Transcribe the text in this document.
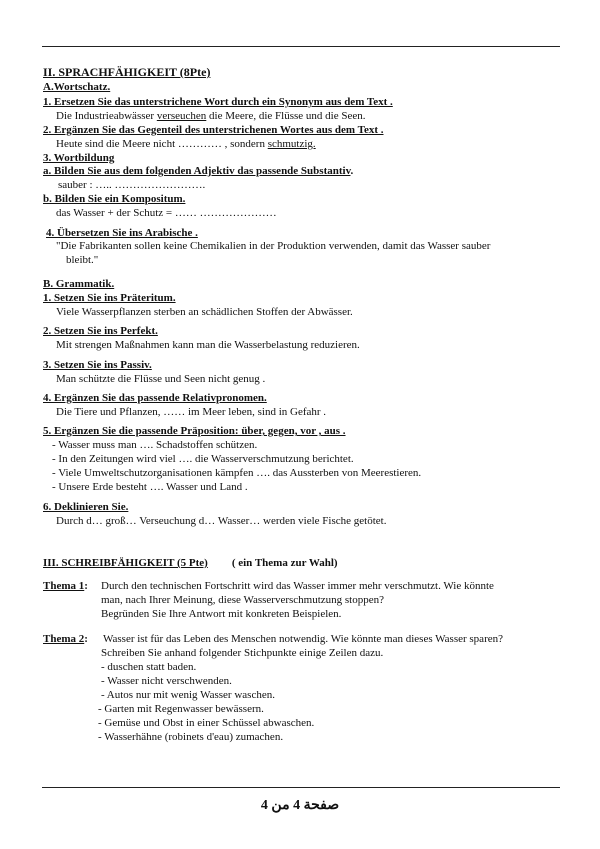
II. SPRACHFÄHIGKEIT (8Pte)
A.Wortschatz.
1. Ersetzen Sie das unterstrichene Wort durch ein Synonym aus dem Text .
Die Industrieabwässer verseuchen die Meere, die Flüsse und die Seen.
2. Ergänzen Sie das Gegenteil des unterstrichenen Wortes aus dem Text .
Heute sind die Meere nicht ………… , sondern schmutzig.
3. Wortbildung
a. Bilden Sie aus dem folgenden Adjektiv das passende Substantiv.
sauber : ….. …………………….
b. Bilden Sie ein Kompositum.
das Wasser + der Schutz = …… …………………
4. Übersetzen Sie ins Arabische .
"Die Fabrikanten sollen keine Chemikalien in der Produktion verwenden, damit das Wasser sauber
bleibt."
B. Grammatik.
1. Setzen Sie ins Präteritum.
Viele Wasserpflanzen sterben an schädlichen Stoffen der Abwässer.
2. Setzen Sie ins Perfekt.
Mit strengen Maßnahmen kann man die Wasserbelastung reduzieren.
3. Setzen Sie ins Passiv.
Man schützte die Flüsse und Seen nicht genug .
4. Ergänzen Sie das passende Relativpronomen.
Die Tiere und Pflanzen, …… im Meer leben, sind in Gefahr .
5. Ergänzen Sie die passende Präposition: über, gegen, vor , aus .
- Wasser muss man …. Schadstoffen schützen.
- In den Zeitungen wird viel …. die Wasserverschmutzung berichtet.
- Viele Umweltschutzorganisationen kämpfen …. das Aussterben von Meerestieren.
- Unsere Erde besteht …. Wasser und Land .
6. Deklinieren Sie.
Durch d… groß… Verseuchung d… Wasser… werden viele Fische getötet.
III. SCHREIBFÄHIGKEIT (5 Pte) ( ein Thema zur Wahl)
Thema 1: Durch den technischen Fortschritt wird das Wasser immer mehr verschmutzt. Wie könnte
man, nach Ihrer Meinung, diese Wasserverschmutzung stoppen?
Begründen Sie Ihre Antwort mit konkreten Beispielen.
Thema 2: Wasser ist für das Leben des Menschen notwendig. Wie könnte man dieses Wasser sparen?
Schreiben Sie anhand folgender Stichpunkte einige Zeilen dazu.
- duschen statt baden.
- Wasser nicht verschwenden.
- Autos nur mit wenig Wasser waschen.
- Garten mit Regenwasser bewässern.
- Gemüse und Obst in einer Schüssel abwaschen.
- Wasserhähne (robinets d'eau) zumachen.
صفحة 4 من 4
